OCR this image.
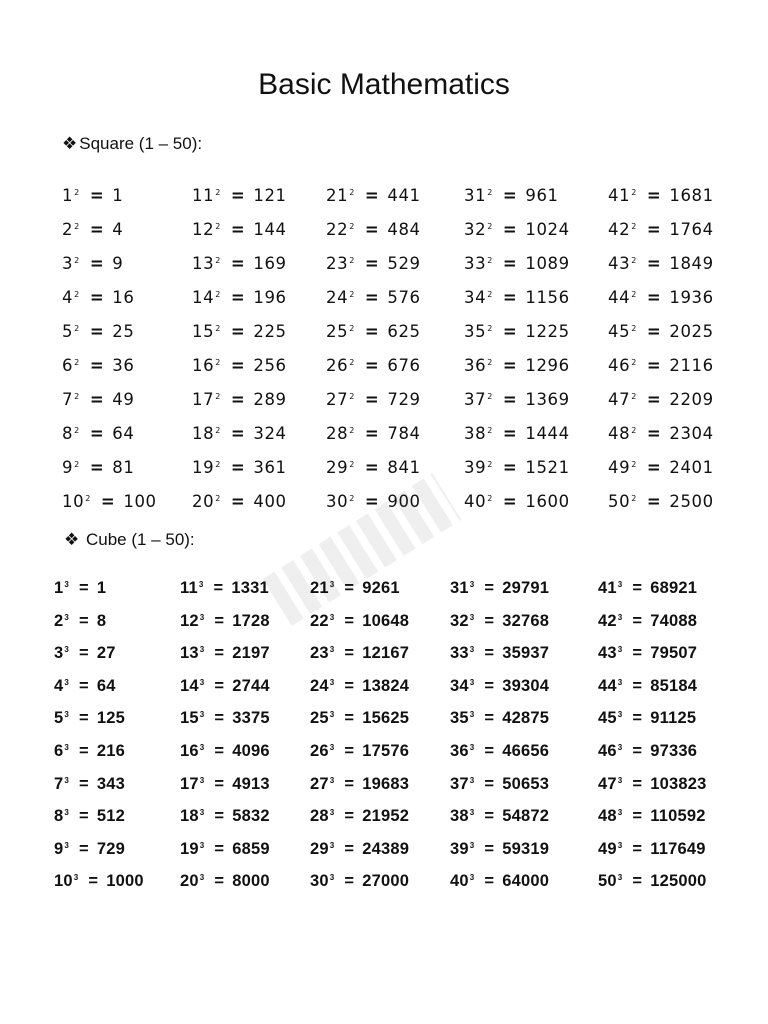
Basic Mathematics
❖ Square (1 – 50):
$1^2 = 1$
$2^2 = 4$
$3^2 = 9$
$4^2 = 16$
$5^2 = 25$
$6^2 = 36$
$7^2 = 49$
$8^2 = 64$
$9^2 = 81$
$10^2 = 100$
$11^2 = 121$
$12^2 = 144$
$13^2 = 169$
$14^2 = 196$
$15^2 = 225$
$16^2 = 256$
$17^2 = 289$
$18^2 = 324$
$19^2 = 361$
$20^2 = 400$
$21^2 = 441$
$22^2 = 484$
$23^2 = 529$
$24^2 = 576$
$25^2 = 625$
$26^2 = 676$
$27^2 = 729$
$28^2 = 784$
$29^2 = 841$
$30^2 = 900$
$31^2 = 961$
$32^2 = 1024$
$33^2 = 1089$
$34^2 = 1156$
$35^2 = 1225$
$36^2 = 1296$
$37^2 = 1369$
$38^2 = 1444$
$39^2 = 1521$
$40^2 = 1600$
$41^2 = 1681$
$42^2 = 1764$
$43^2 = 1849$
$44^2 = 1936$
$45^2 = 2025$
$46^2 = 2116$
$47^2 = 2209$
$48^2 = 2304$
$49^2 = 2401$
$50^2 = 2500$
❖ Cube (1 – 50):
$1^3 = 1$
$2^3 = 8$
$3^3 = 27$
$4^3 = 64$
$5^3 = 125$
$6^3 = 216$
$7^3 = 343$
$8^3 = 512$
$9^3 = 729$
$10^3 = 1000$
$11^3 = 1331$
$12^3 = 1728$
$13^3 = 2197$
$14^3 = 2744$
$15^3 = 3375$
$16^3 = 4096$
$17^3 = 4913$
$18^3 = 5832$
$19^3 = 6859$
$20^3 = 8000$
$21^3 = 9261$
$22^3 = 10648$
$23^3 = 12167$
$24^3 = 13824$
$25^3 = 15625$
$26^3 = 17576$
$27^3 = 19683$
$28^3 = 21952$
$29^3 = 24389$
$30^3 = 27000$
$31^3 = 29791$
$32^3 = 32768$
$33^3 = 35937$
$34^3 = 39304$
$35^3 = 42875$
$36^3 = 46656$
$37^3 = 50653$
$38^3 = 54872$
$39^3 = 59319$
$40^3 = 64000$
$41^3 = 68921$
$42^3 = 74088$
$43^3 = 79507$
$44^3 = 85184$
$45^3 = 91125$
$46^3 = 97336$
$47^3 = 103823$
$48^3 = 110592$
$49^3 = 117649$
$50^3 = 125000$
